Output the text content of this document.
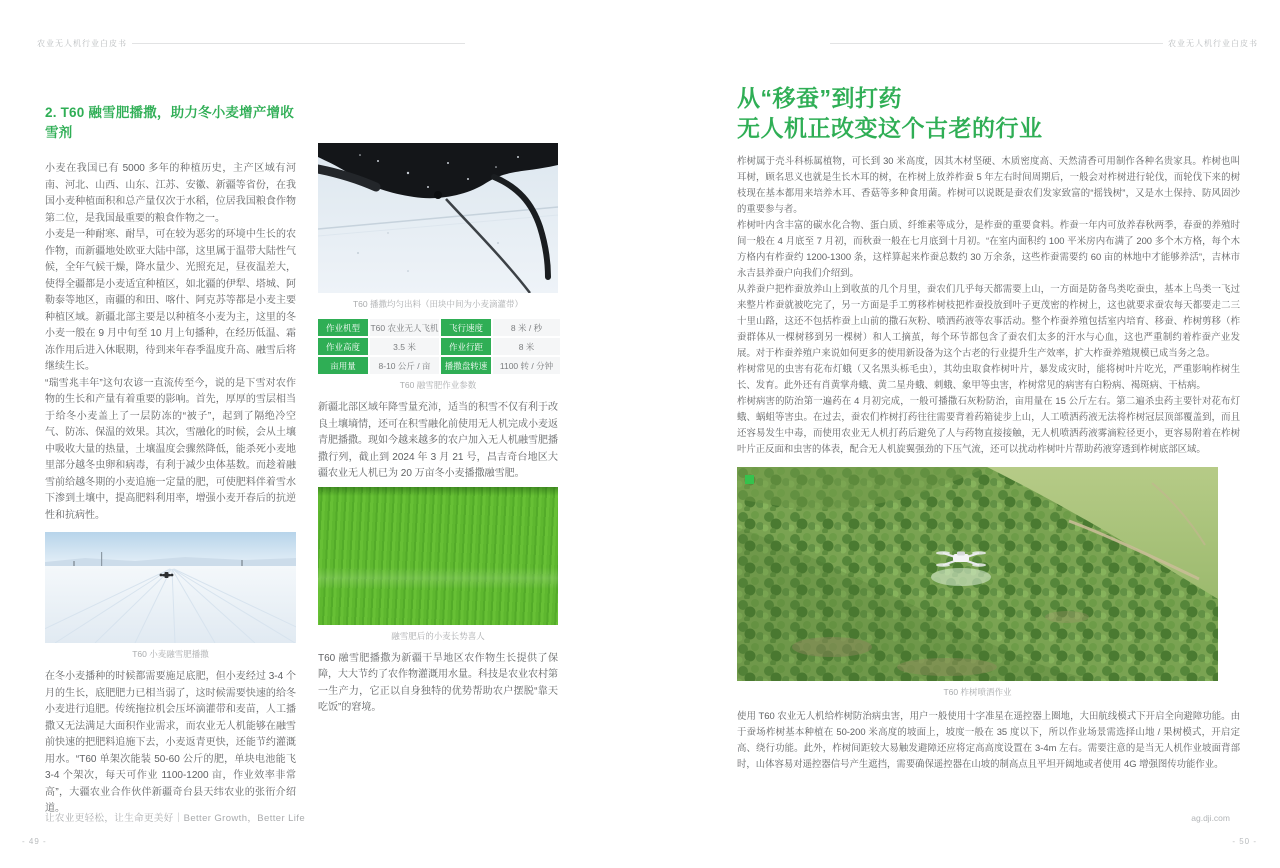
农业无人机行业白皮书	农业无人机行业白皮书
2. T60 融雪肥播撒，助力冬小麦增产增收雪剂

小麦在我国已有 5000 多年的种植历史，主产区域有河南、河北、山西、山东、江苏、安徽、新疆等省份，在我国小麦种植面积和总产量仅次于水稻，位居我国粮食作物第二位，是我国最重要的粮食作物之一。

小麦是一种耐寒、耐旱，可在较为恶劣的环境中生长的农作物，而新疆地处欧亚大陆中部，这里属于温带大陆性气候，全年气候干燥，降水量少、光照充足，昼夜温差大，使得全疆都是小麦适宜种植区，如北疆的伊犁、塔城、阿勒泰等地区，南疆的和田、喀什、阿克苏等都是小麦主要种植区域。新疆北部主要是以种植冬小麦为主，这里的冬小麦一般在 9 月中旬至 10 月上旬播种，在经历低温、霜冻作用后进入休眠期，待到来年春季温度升高、融雪后将继续生长。

“瑞雪兆丰年”这句农谚一直流传至今，说的是下雪对农作物的生长和产量有着重要的影响。首先，厚厚的雪层相当于给冬小麦盖上了一层防冻的“被子”，起到了隔绝冷空气、防冻、保温的效果。其次，雪融化的时候，会从土壤中吸收大量的热量，土壤温度会骤然降低，能杀死小麦地里部分越冬虫卵和病毒，有利于减少虫体基数。而趁着融雪前给越冬期的小麦追施一定量的肥，可使肥料伴着雪水下渗到土壤中，提高肥料利用率，增强小麦开春后的抗逆性和抗病性。

T60 小麦融雪肥播撒

在冬小麦播种的时候都需要施足底肥，但小麦经过 3-4 个月的生长，底肥肥力已相当弱了，这时候需要快速的给冬小麦进行追肥。传统拖拉机会压坏滴灌带和麦苗，人工播撒又无法满足大面积作业需求，而农业无人机能够在融雪前快速的把肥料追施下去，小麦返青更快，还能节约灌溉用水。“T60 单架次能装 50-60 公斤的肥，单块电池能飞 3-4 个架次，每天可作业 1100-1200 亩，作业效率非常高”，大疆农业合作伙伴新疆奇台县天纬农业的张衎介绍道。

T60 播撒均匀出料（田块中间为小麦滴灌带）
作业机型	T60 农业无人飞机	飞行速度	8 米 / 秒
作业高度	3.5 米	作业行距	8 米
亩用量	8-10 公斤 / 亩	播撒盘转速	1100 转 / 分钟
T60 融雪肥作业参数

新疆北部区域年降雪量充沛，适当的积雪不仅有利于改良土壤墒情，还可在积雪融化前使用无人机完成小麦返青肥播撒。现如今越来越多的农户加入无人机融雪肥播撒行列，截止到 2024 年 3 月 21 号，昌吉奇台地区大疆农业无人机已为 20 万亩冬小麦播撒融雪肥。

融雪肥后的小麦长势喜人

T60 融雪肥播撒为新疆干旱地区农作物生长提供了保障，大大节约了农作物灌溉用水量。科技是农业农村第一生产力，它正以自身独特的优势帮助农户摆脱“靠天吃饭”的窘境。

从“移蚕”到打药
无人机正改变这个古老的行业

柞树属于壳斗科栎属植物，可长到 30 米高度，因其木材坚硬、木质密度高、天然清香可用制作各种名贵家具。柞树也叫耳树，顾名思义也就是生长木耳的树，在柞树上放养柞蚕 5 年左右时间周期后，一般会对柞树进行轮伐，而轮伐下来的树枝现在基本都用来培养木耳、香菇等多种食用菌。柞树可以说既是蚕农们发家致富的“摇钱树”，又是水土保持、防风固沙的重要参与者。

柞树叶内含丰富的碳水化合物、蛋白质、纤维素等成分，是柞蚕的重要食料。柞蚕一年内可放养春秋两季，春蚕的养殖时间一般在 4 月底至 7 月初，而秋蚕一般在七月底到十月初。“在室内面积约 100 平米房内布满了 200 多个木方格，每个木方格内有柞蚕约 1200-1300 条，这样算起来柞蚕总数约 30 万余条，这些柞蚕需要约 60 亩的林地中才能够养活”，吉林市永吉县养蚕户向我们介绍到。

从养蚕户把柞蚕放养山上到收茧的几个月里，蚕农们几乎每天都需要上山，一方面是防备鸟类吃蚕虫，基本上鸟类一飞过来整片柞蚕就被吃完了，另一方面是手工剪移柞树枝把柞蚕投放到叶子更茂密的柞树上，这也就要求蚕农每天都要走二三十里山路，这还不包括柞蚕上山前的撒石灰粉、喷洒药液等农事活动。整个柞蚕养殖包括室内培育、移蚕、柞树剪移（柞蚕群体从一棵树移到另一棵树）和人工摘茧，每个环节都包含了蚕农们太多的汗水与心血，这也严重制约着柞蚕产业发展。对于柞蚕养殖户来说如何更多的使用新设备为这个古老的行业提升生产效率，扩大柞蚕养殖规模已成当务之急。

柞树常见的虫害有花布灯蛾（又名黑头栎毛虫），其幼虫取食柞树叶片，暴发成灾时，能将树叶片吃光，严重影响柞树生长、发育。此外还有肖黄掌舟蛾、黄二星舟蛾、刺蛾、象甲等虫害，柞树常见的病害有白粉病、褐斑病、干枯病。

柞树病害的防治第一遍药在 4 月初完成，一般可播撒石灰粉防治，亩用量在 15 公斤左右。第二遍杀虫药主要针对花布灯蛾、蜗蛆等害虫。在过去，蚕农们柞树打药往往需要背着药箱徒步上山，人工喷洒药液无法将柞树冠层顶部覆盖到，而且还容易发生中毒，而使用农业无人机打药后避免了人与药物直接接触，无人机喷洒药液雾滴粒径更小，更容易附着在柞树叶片正反面和虫害的体表，配合无人机旋翼强劲的下压气流，还可以扰动柞树叶片帮助药液穿透到柞树底部区域。

T60 柞树喷洒作业

使用 T60 农业无人机给柞树防治病虫害，用户一般使用十字准星在遥控器上圈地，大田航线模式下开启全向避障功能。由于蚕场柞树基本种植在 50-200 米高度的坡面上，坡度一般在 35 度以下，所以作业场景需选择山地 / 果树模式，开启定高、绕行功能。此外，柞树间距较大易触发避障还应将定高高度设置在 3-4m 左右。需要注意的是当无人机作业坡面背部时，山体容易对遥控器信号产生遮挡，需要确保遥控器在山坡的制高点且平坦开阔地或者使用 4G 增强图传功能作业。

让农业更轻松，让生命更美好｜Better Growth，Better Life	ag.dji.com
- 49 -	- 50 -
